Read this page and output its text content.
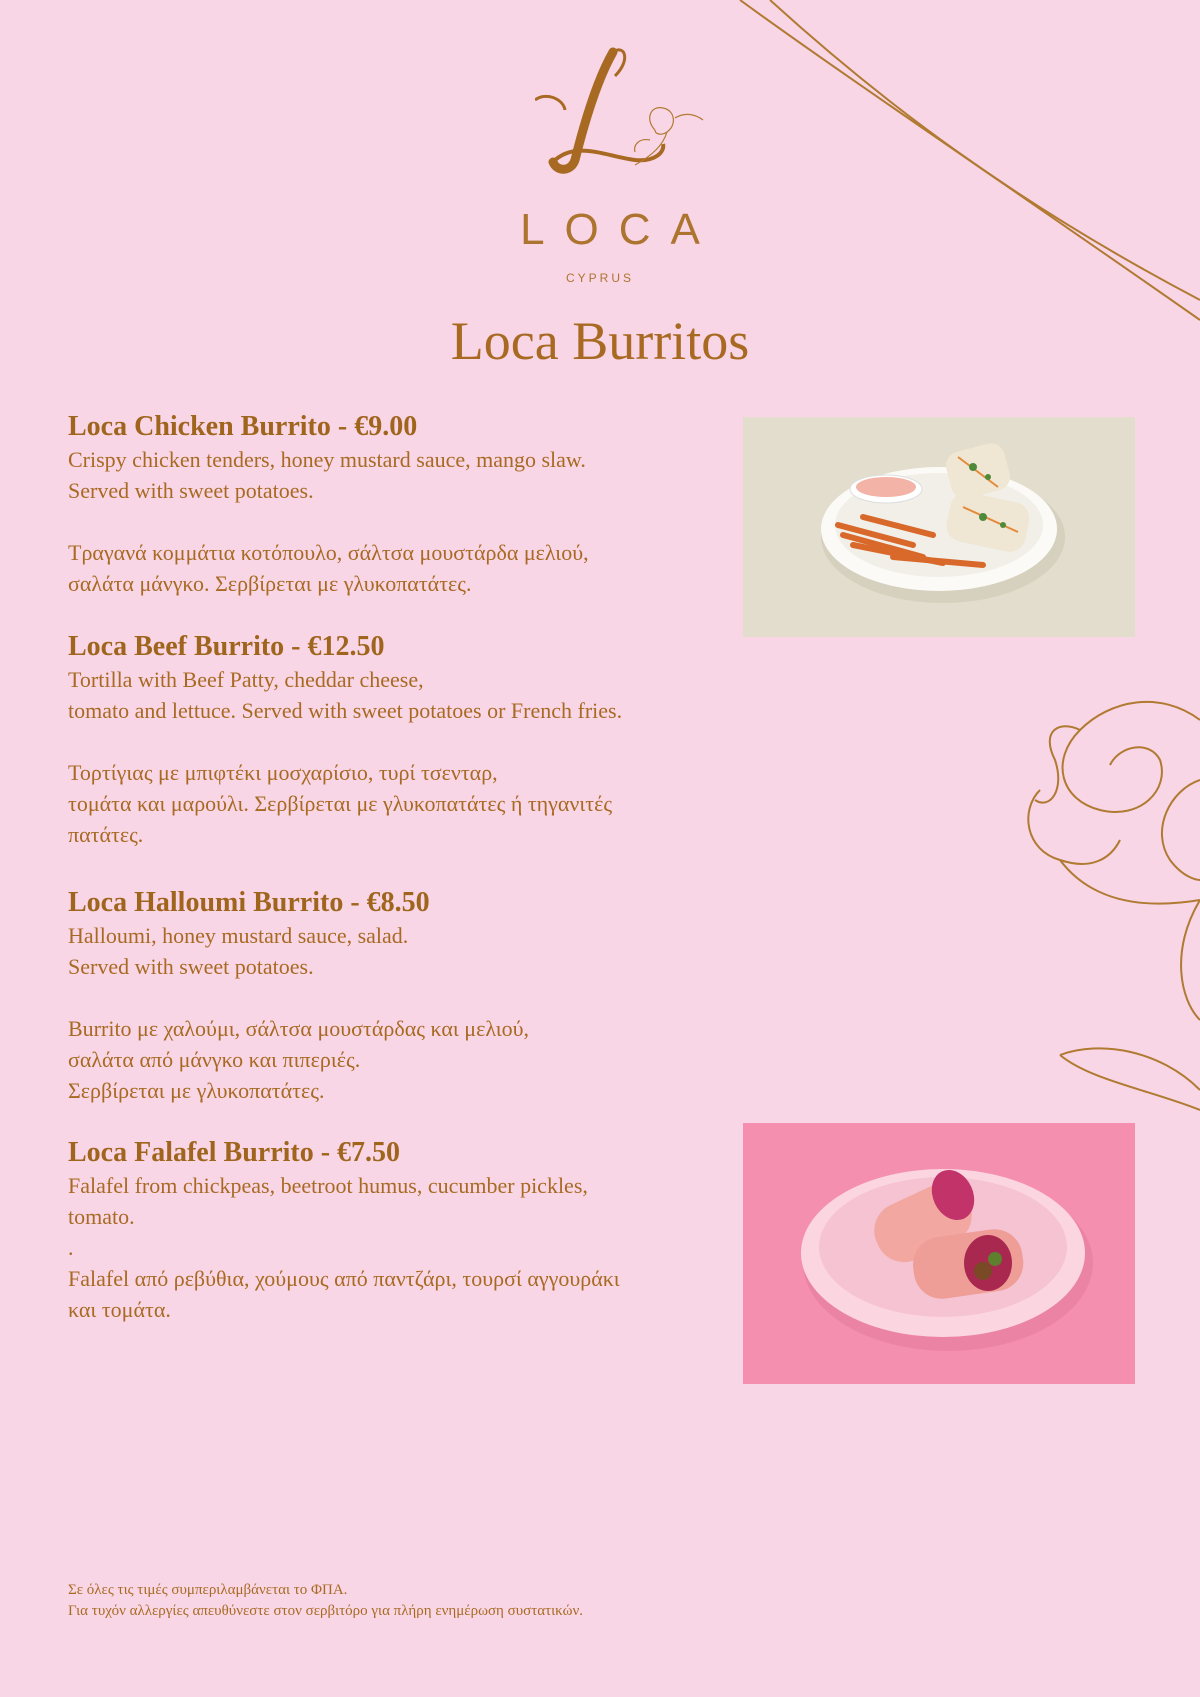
LOCA
CYPRUS
Loca Burritos
Loca Chicken Burrito - €9.00

Crispy chicken tenders, honey mustard sauce, mango slaw.
Served with sweet potatoes.

Τραγανά κομμάτια κοτόπουλο, σάλτσα μουστάρδα μελιού,
σαλάτα μάνγκο. Σερβίρεται με γλυκοπατάτες.

Loca Beef Burrito - €12.50

Tortilla with Beef Patty, cheddar cheese,
tomato and lettuce. Served with sweet potatoes or French fries.

Τορτίγιας με μπιφτέκι μοσχαρίσιο, τυρί τσενταρ,
τομάτα και μαρούλι. Σερβίρεται με γλυκοπατάτες ή τηγανιτές
πατάτες.

Loca Halloumi Burrito - €8.50

Halloumi, honey mustard sauce, salad.
Served with sweet potatoes.

Burrito με χαλούμι, σάλτσα μουστάρδας και μελιού,
σαλάτα από μάνγκο και πιπεριές.
Σερβίρεται με γλυκοπατάτες.

Loca Falafel Burrito - €7.50

Falafel from chickpeas, beetroot humus, cucumber pickles,
tomato.
.
Falafel από ρεβύθια, χούμους από παντζάρι, τουρσί αγγουράκι
και τομάτα.

Σε όλες τις τιμές συμπεριλαμβάνεται το ΦΠΑ.
Για τυχόν αλλεργίες απευθύνεστε στον σερβιτόρο για πλήρη ενημέρωση συστατικών.
